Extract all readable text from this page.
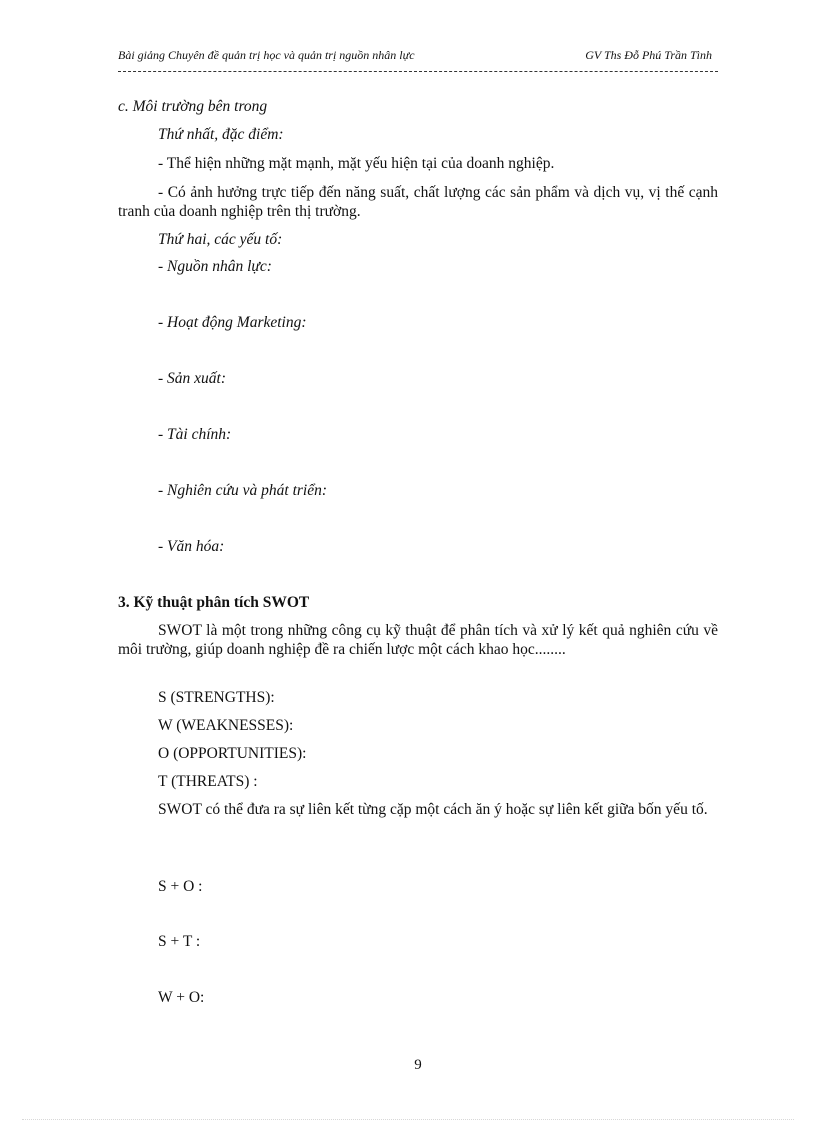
Bài giảng Chuyên đề quản trị học và quản trị nguồn nhân lực	GV Ths Đỗ Phú Trần Tình
c. Môi trường bên trong
Thứ nhất, đặc điểm:
- Thể hiện những mặt mạnh, mặt yếu hiện tại của doanh nghiệp.
- Có ảnh hưởng trực tiếp đến năng suất, chất lượng các sản phẩm và dịch vụ, vị thế cạnh tranh của doanh nghiệp trên thị trường.
Thứ hai, các yếu tố:
- Nguồn nhân lực:
- Hoạt động Marketing:
- Sản xuất:
- Tài chính:
- Nghiên cứu và phát triển:
- Văn hóa:
3. Kỹ thuật phân tích SWOT
SWOT là một trong những công cụ kỹ thuật để phân tích và xử lý kết quả nghiên cứu về môi trường, giúp doanh nghiệp đề ra chiến lược một cách khao học........
S (STRENGTHS):
W (WEAKNESSES):
O (OPPORTUNITIES):
T (THREATS) :
SWOT có thể đưa ra sự liên kết từng cặp một cách ăn ý hoặc sự liên kết giữa bốn yếu tố.
S + O :
S + T :
W + O:
9
